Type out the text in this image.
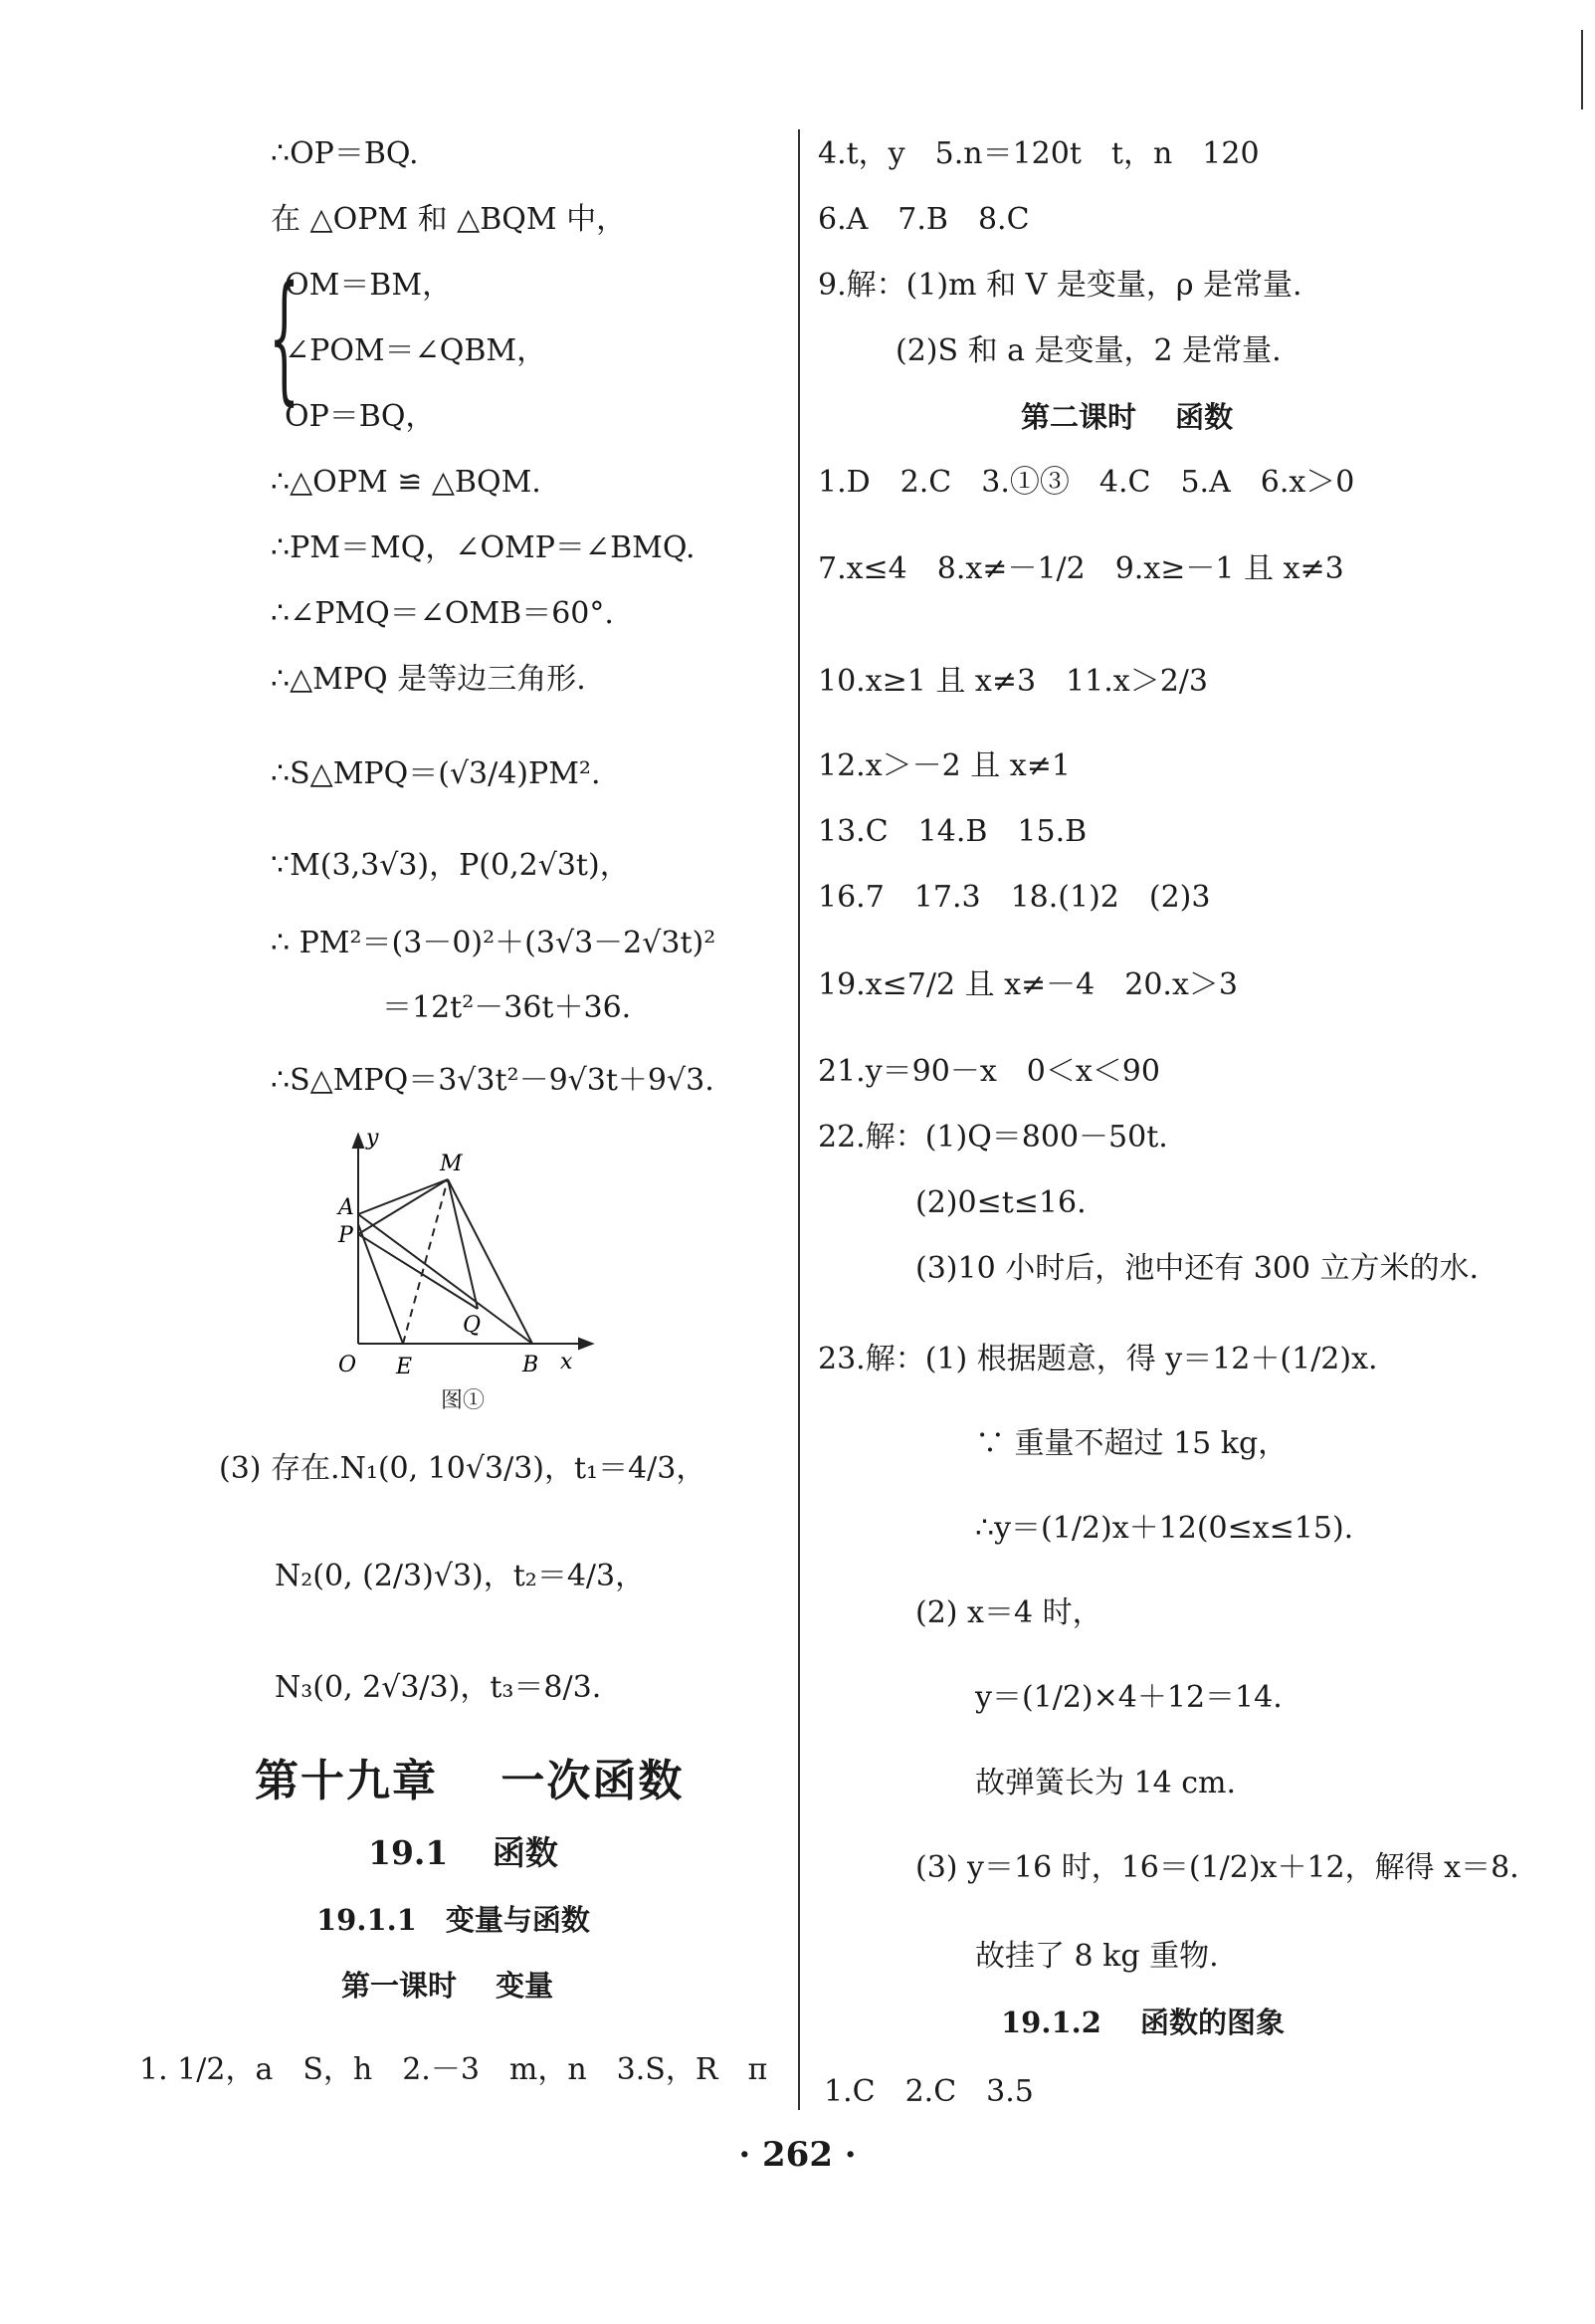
∴OP＝BQ.
在 △OPM 和 △BQM 中，
{
OM＝BM，
∠POM＝∠QBM，
OP＝BQ，
∴△OPM ≌ △BQM.
∴PM＝MQ，∠OMP＝∠BMQ.
∴∠PMQ＝∠OMB＝60°.
∴△MPQ 是等边三角形.
∴S△MPQ＝(√3/4)PM².
∵M(3,3√3)，P(0,2√3t)，
∴ PM²＝(3－0)²＋(3√3－2√3t)²
＝12t²－36t＋36.
∴S△MPQ＝3√3t²－9√3t＋9√3.
y
M
A
P
Q
O E	B x
图①
(3) 存在.N₁(0, 10√3/3)，t₁＝4/3，
N₂(0, (2/3)√3)，t₂＝4/3，
N₃(0, 2√3/3)，t₃＝8/3.
第十九章　 一次函数
19.1　 函数
19.1.1　变量与函数
第一课时　 变量
1. 1/2，a　S，h　2.－3　m，n　3.S，R　π
4.t，y　5.n＝120t　t，n　120
6.A　7.B　8.C
9.解：(1)m 和 V 是变量，ρ 是常量.
(2)S 和 a 是变量，2 是常量.
第二课时　 函数
1.D　2.C　3.①③　4.C　5.A　6.x＞0
7.x≤4　8.x≠－1/2　9.x≥－1 且 x≠3
10.x≥1 且 x≠3　11.x＞2/3
12.x＞－2 且 x≠1
13.C　14.B　15.B
16.7　17.3　18.(1)2　(2)3
19.x≤7/2 且 x≠－4　20.x＞3
21.y＝90－x　0＜x＜90
22.解：(1)Q＝800－50t.
(2)0≤t≤16.
(3)10 小时后，池中还有 300 立方米的水.
23.解：(1) 根据题意，得 y＝12＋(1/2)x.
∵ 重量不超过 15 kg，
∴y＝(1/2)x＋12(0≤x≤15).
(2) x＝4 时，
y＝(1/2)×4＋12＝14.
故弹簧长为 14 cm.
(3) y＝16 时，16＝(1/2)x＋12，解得 x＝8.
故挂了 8 kg 重物.
19.1.2　 函数的图象
1.C　2.C　3.5
· 262 ·
